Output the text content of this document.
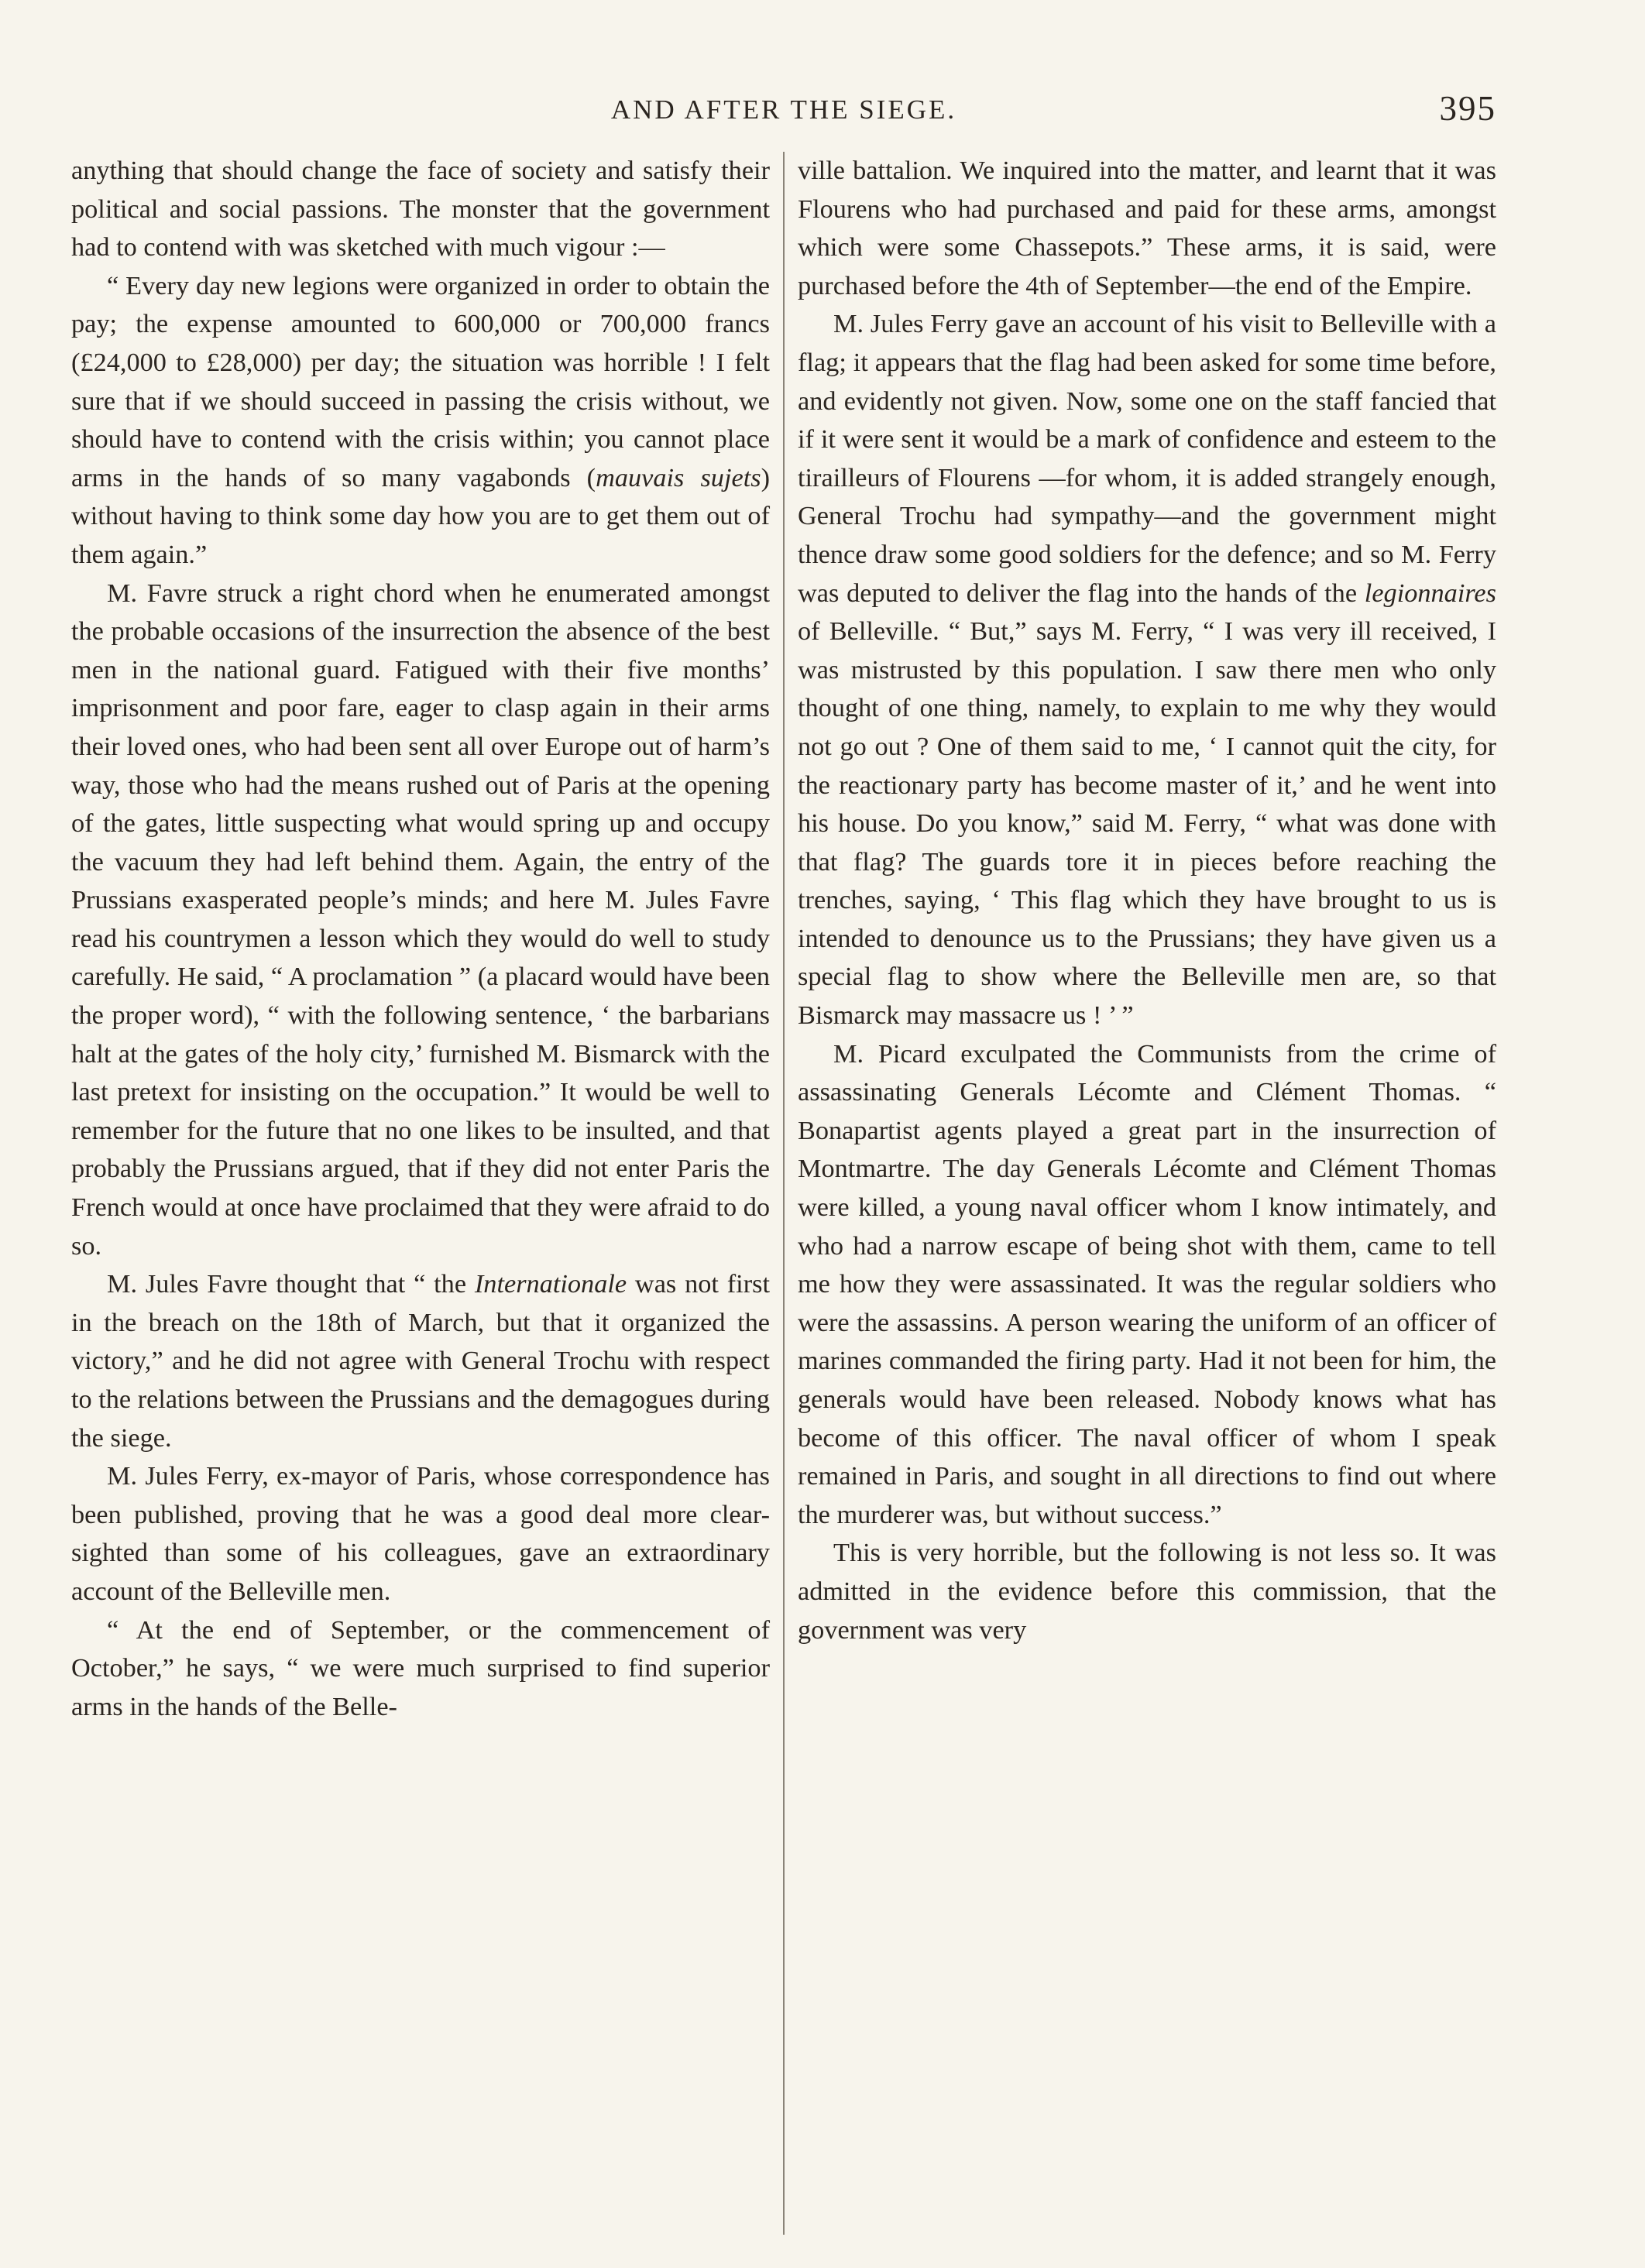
AND AFTER THE SIEGE.	395

anything that should change the face of society and satisfy their political and social passions. The monster that the government had to contend with was sketched with much vigour :—

“ Every day new legions were organized in order to obtain the pay; the expense amounted to 600,000 or 700,000 francs (£24,000 to £28,000) per day; the situation was horrible ! I felt sure that if we should succeed in passing the crisis without, we should have to contend with the crisis within; you cannot place arms in the hands of so many vagabonds (mauvais sujets) without having to think some day how you are to get them out of them again.”

M. Favre struck a right chord when he enumerated amongst the probable occasions of the insurrection the absence of the best men in the national guard. Fatigued with their five months’ imprisonment and poor fare, eager to clasp again in their arms their loved ones, who had been sent all over Europe out of harm’s way, those who had the means rushed out of Paris at the opening of the gates, little suspecting what would spring up and occupy the vacuum they had left behind them. Again, the entry of the Prussians exasperated people’s minds; and here M. Jules Favre read his countrymen a lesson which they would do well to study carefully. He said, “ A proclamation ” (a placard would have been the proper word), “ with the following sentence, ‘ the barbarians halt at the gates of the holy city,’ furnished M. Bismarck with the last pretext for insisting on the occupation.” It would be well to remember for the future that no one likes to be insulted, and that probably the Prussians argued, that if they did not enter Paris the French would at once have proclaimed that they were afraid to do so.

M. Jules Favre thought that “ the Internationale was not first in the breach on the 18th of March, but that it organized the victory,” and he did not agree with General Trochu with respect to the relations between the Prussians and the demagogues during the siege.

M. Jules Ferry, ex-mayor of Paris, whose correspondence has been published, proving that he was a good deal more clear-sighted than some of his colleagues, gave an extraordinary account of the Belleville men.

“ At the end of September, or the commencement of October,” he says, “ we were much surprised to find superior arms in the hands of the Belle-

ville battalion. We inquired into the matter, and learnt that it was Flourens who had purchased and paid for these arms, amongst which were some Chassepots.” These arms, it is said, were purchased before the 4th of September—the end of the Empire.

M. Jules Ferry gave an account of his visit to Belleville with a flag; it appears that the flag had been asked for some time before, and evidently not given. Now, some one on the staff fancied that if it were sent it would be a mark of confidence and esteem to the tirailleurs of Flourens —for whom, it is added strangely enough, General Trochu had sympathy—and the government might thence draw some good soldiers for the defence; and so M. Ferry was deputed to deliver the flag into the hands of the legionnaires of Belleville. “ But,” says M. Ferry, “ I was very ill received, I was mistrusted by this population. I saw there men who only thought of one thing, namely, to explain to me why they would not go out ? One of them said to me, ‘ I cannot quit the city, for the reactionary party has become master of it,’ and he went into his house. Do you know,” said M. Ferry, “ what was done with that flag? The guards tore it in pieces before reaching the trenches, saying, ‘ This flag which they have brought to us is intended to denounce us to the Prussians; they have given us a special flag to show where the Belleville men are, so that Bismarck may massacre us ! ’ ”

M. Picard exculpated the Communists from the crime of assassinating Generals Lécomte and Clément Thomas. “ Bonapartist agents played a great part in the insurrection of Montmartre. The day Generals Lécomte and Clément Thomas were killed, a young naval officer whom I know intimately, and who had a narrow escape of being shot with them, came to tell me how they were assassinated. It was the regular soldiers who were the assassins. A person wearing the uniform of an officer of marines commanded the firing party. Had it not been for him, the generals would have been released. Nobody knows what has become of this officer. The naval officer of whom I speak remained in Paris, and sought in all directions to find out where the murderer was, but without success.”

This is very horrible, but the following is not less so. It was admitted in the evidence before this commission, that the government was very
